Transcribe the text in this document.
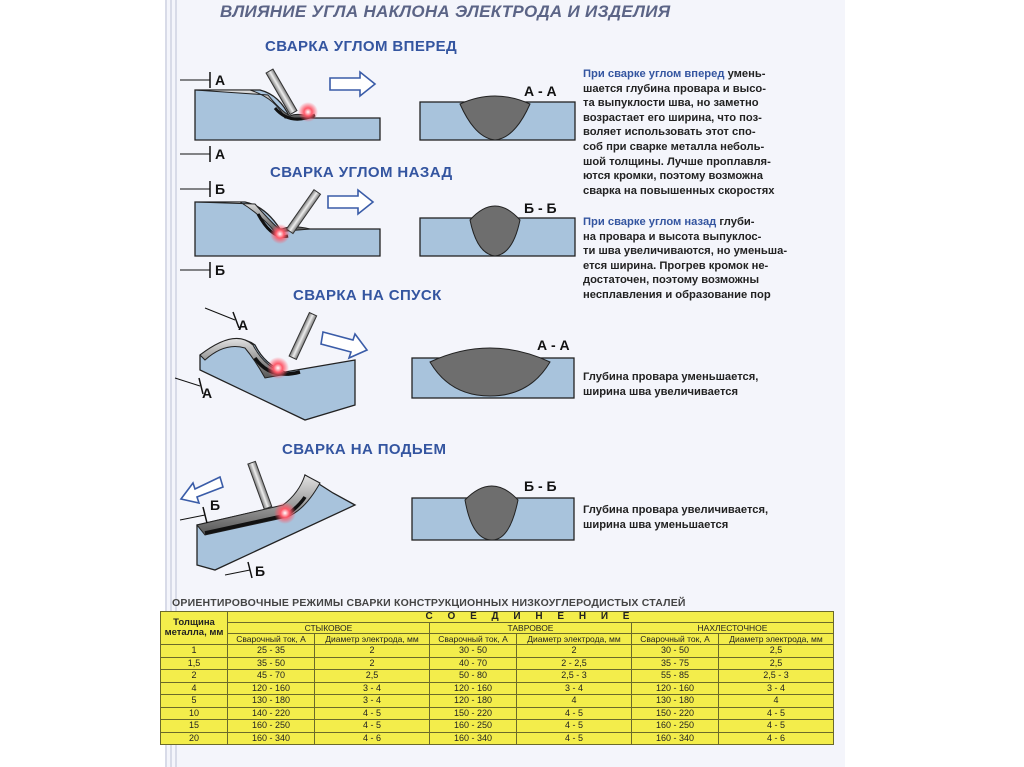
ВЛИЯНИЕ УГЛА НАКЛОНА ЭЛЕКТРОДА И ИЗДЕЛИЯ
СВАРКА УГЛОМ ВПЕРЕД
А
А
А - А
При сварке углом вперед умень-
шается глубина провара и высо-
та выпуклости шва, но заметно
возрастает его ширина, что поз-
воляет использовать этот спо-
соб при сварке металла неболь-
шой толщины. Лучше проплавля-
ются кромки, поэтому возможна
сварка на повышенных скоростях
СВАРКА УГЛОМ НАЗАД
Б
Б
Б - Б
При сварке углом назад глуби-
на провара и высота выпуклос-
ти шва увеличиваются, но уменьша-
ется ширина. Прогрев кромок не-
достаточен, поэтому возможны
несплавления и образование пор
СВАРКА НА СПУСК
А
А
А - А
Глубина провара уменьшается,
ширина шва увеличивается
СВАРКА НА ПОДЬЕМ
Б
Б
Б - Б
Глубина провара увеличивается,
ширина шва уменьшается
ОРИЕНТИРОВОЧНЫЕ РЕЖИМЫ СВАРКИ КОНСТРУКЦИОННЫХ НИЗКОУГЛЕРОДИСТЫХ СТАЛЕЙ
Толщина металла, мм	С О Е Д И Н Е Н И Е					
	СТЫКОВОЕ		ТАВРОВОЕ		НАХЛЕСТОЧНОЕ	
	Сварочный ток, А	Диаметр электрода, мм	Сварочный ток, А	Диаметр электрода, мм	Сварочный ток, А	Диаметр электрода, мм
1	25 - 35	2	30 - 50	2	30 - 50	2,5
1,5	35 - 50	2	40 - 70	2 - 2,5	35 - 75	2,5
2	45 - 70	2,5	50 - 80	2,5 - 3	55 - 85	2,5 - 3
4	120 - 160	3 - 4	120 - 160	3 - 4	120 - 160	3 - 4
5	130 - 180	3 - 4	120 - 180	4	130 - 180	4
10	140 - 220	4 - 5	150 - 220	4 - 5	150 - 220	4 - 5
15	160 - 250	4 - 5	160 - 250	4 - 5	160 - 250	4 - 5
20	160 - 340	4 - 6	160 - 340	4 - 5	160 - 340	4 - 6
